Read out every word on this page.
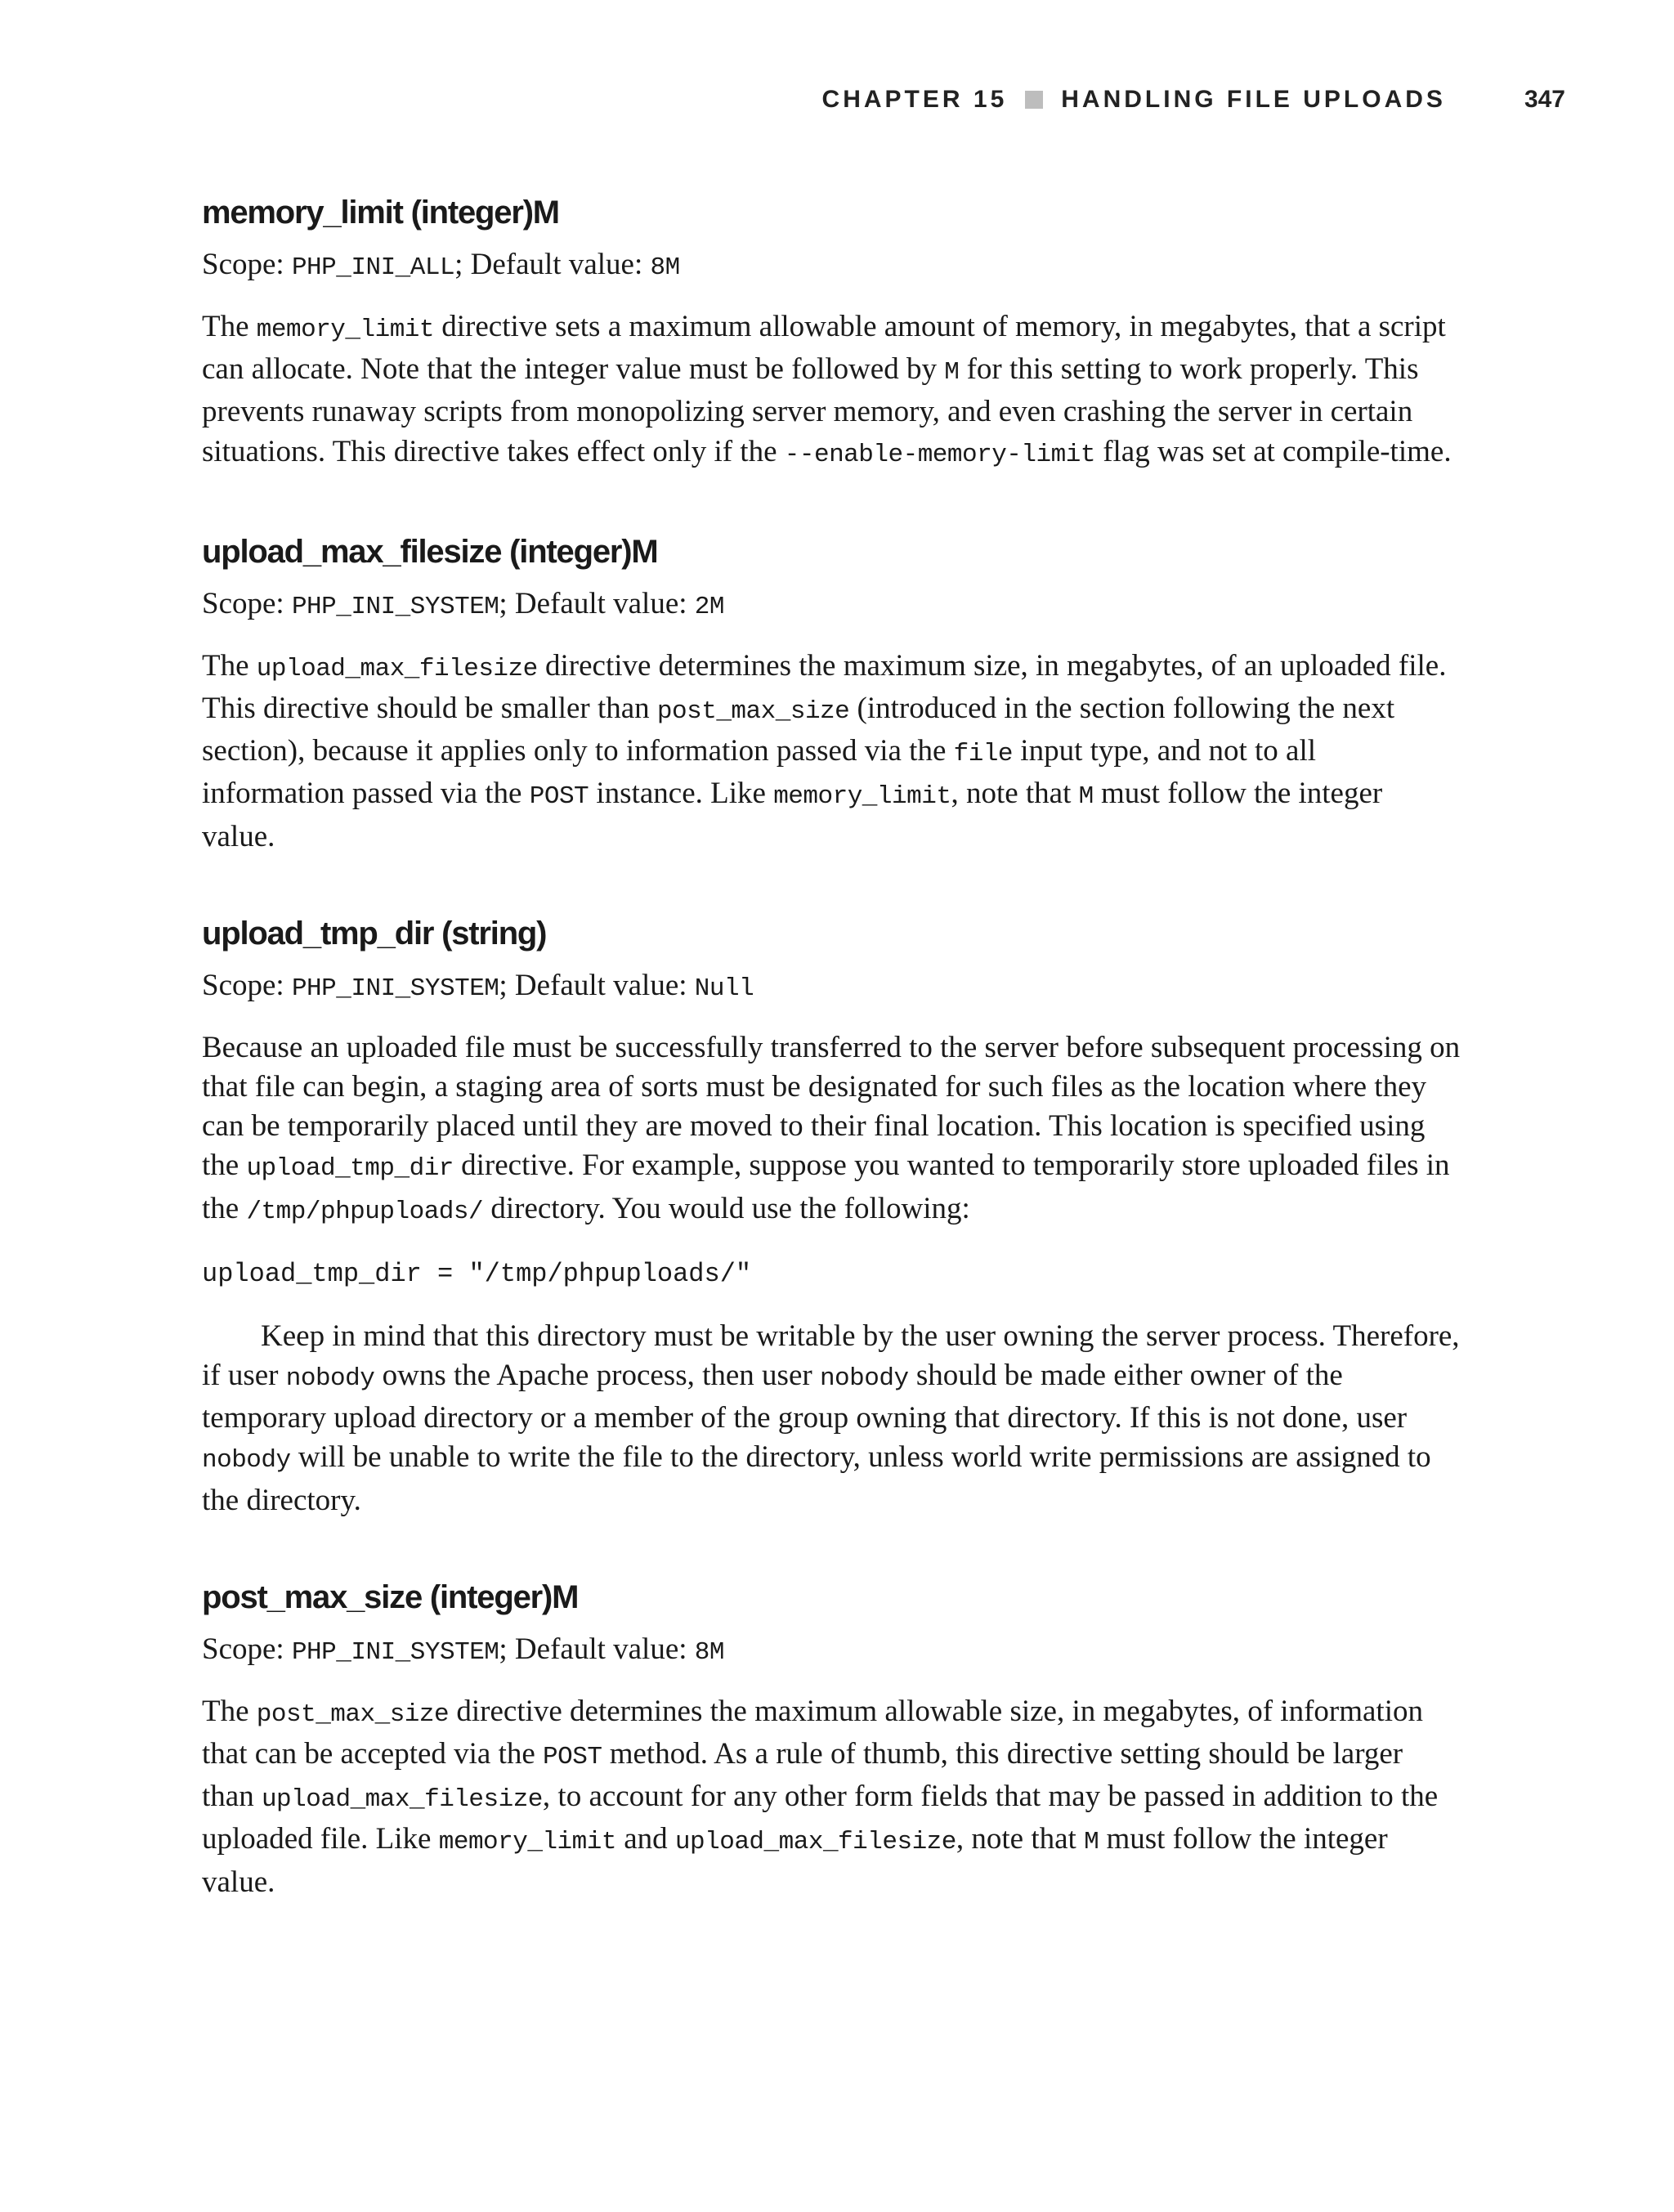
CHAPTER 15 HANDLING FILE UPLOADS	347
memory_limit (integer)M
Scope: PHP_INI_ALL; Default value: 8M

The memory_limit directive sets a maximum allowable amount of memory, in megabytes, that a script can allocate. Note that the integer value must be followed by M for this setting to work properly. This prevents runaway scripts from monopolizing server memory, and even crashing the server in certain situations. This directive takes effect only if the --enable-memory-limit flag was set at compile-time.

upload_max_filesize (integer)M
Scope: PHP_INI_SYSTEM; Default value: 2M

The upload_max_filesize directive determines the maximum size, in megabytes, of an uploaded file. This directive should be smaller than post_max_size (introduced in the section following the next section), because it applies only to information passed via the file input type, and not to all information passed via the POST instance. Like memory_limit, note that M must follow the integer value.

upload_tmp_dir (string)
Scope: PHP_INI_SYSTEM; Default value: Null

Because an uploaded file must be successfully transferred to the server before subsequent processing on that file can begin, a staging area of sorts must be designated for such files as the location where they can be temporarily placed until they are moved to their final location. This location is specified using the upload_tmp_dir directive. For example, suppose you wanted to temporarily store uploaded files in the /tmp/phpuploads/ directory. You would use the following:

upload_tmp_dir = "/tmp/phpuploads/"

Keep in mind that this directory must be writable by the user owning the server process. Therefore, if user nobody owns the Apache process, then user nobody should be made either owner of the temporary upload directory or a member of the group owning that directory. If this is not done, user nobody will be unable to write the file to the directory, unless world write permissions are assigned to the directory.

post_max_size (integer)M
Scope: PHP_INI_SYSTEM; Default value: 8M

The post_max_size directive determines the maximum allowable size, in megabytes, of information that can be accepted via the POST method. As a rule of thumb, this directive setting should be larger than upload_max_filesize, to account for any other form fields that may be passed in addition to the uploaded file. Like memory_limit and upload_max_filesize, note that M must follow the integer value.
